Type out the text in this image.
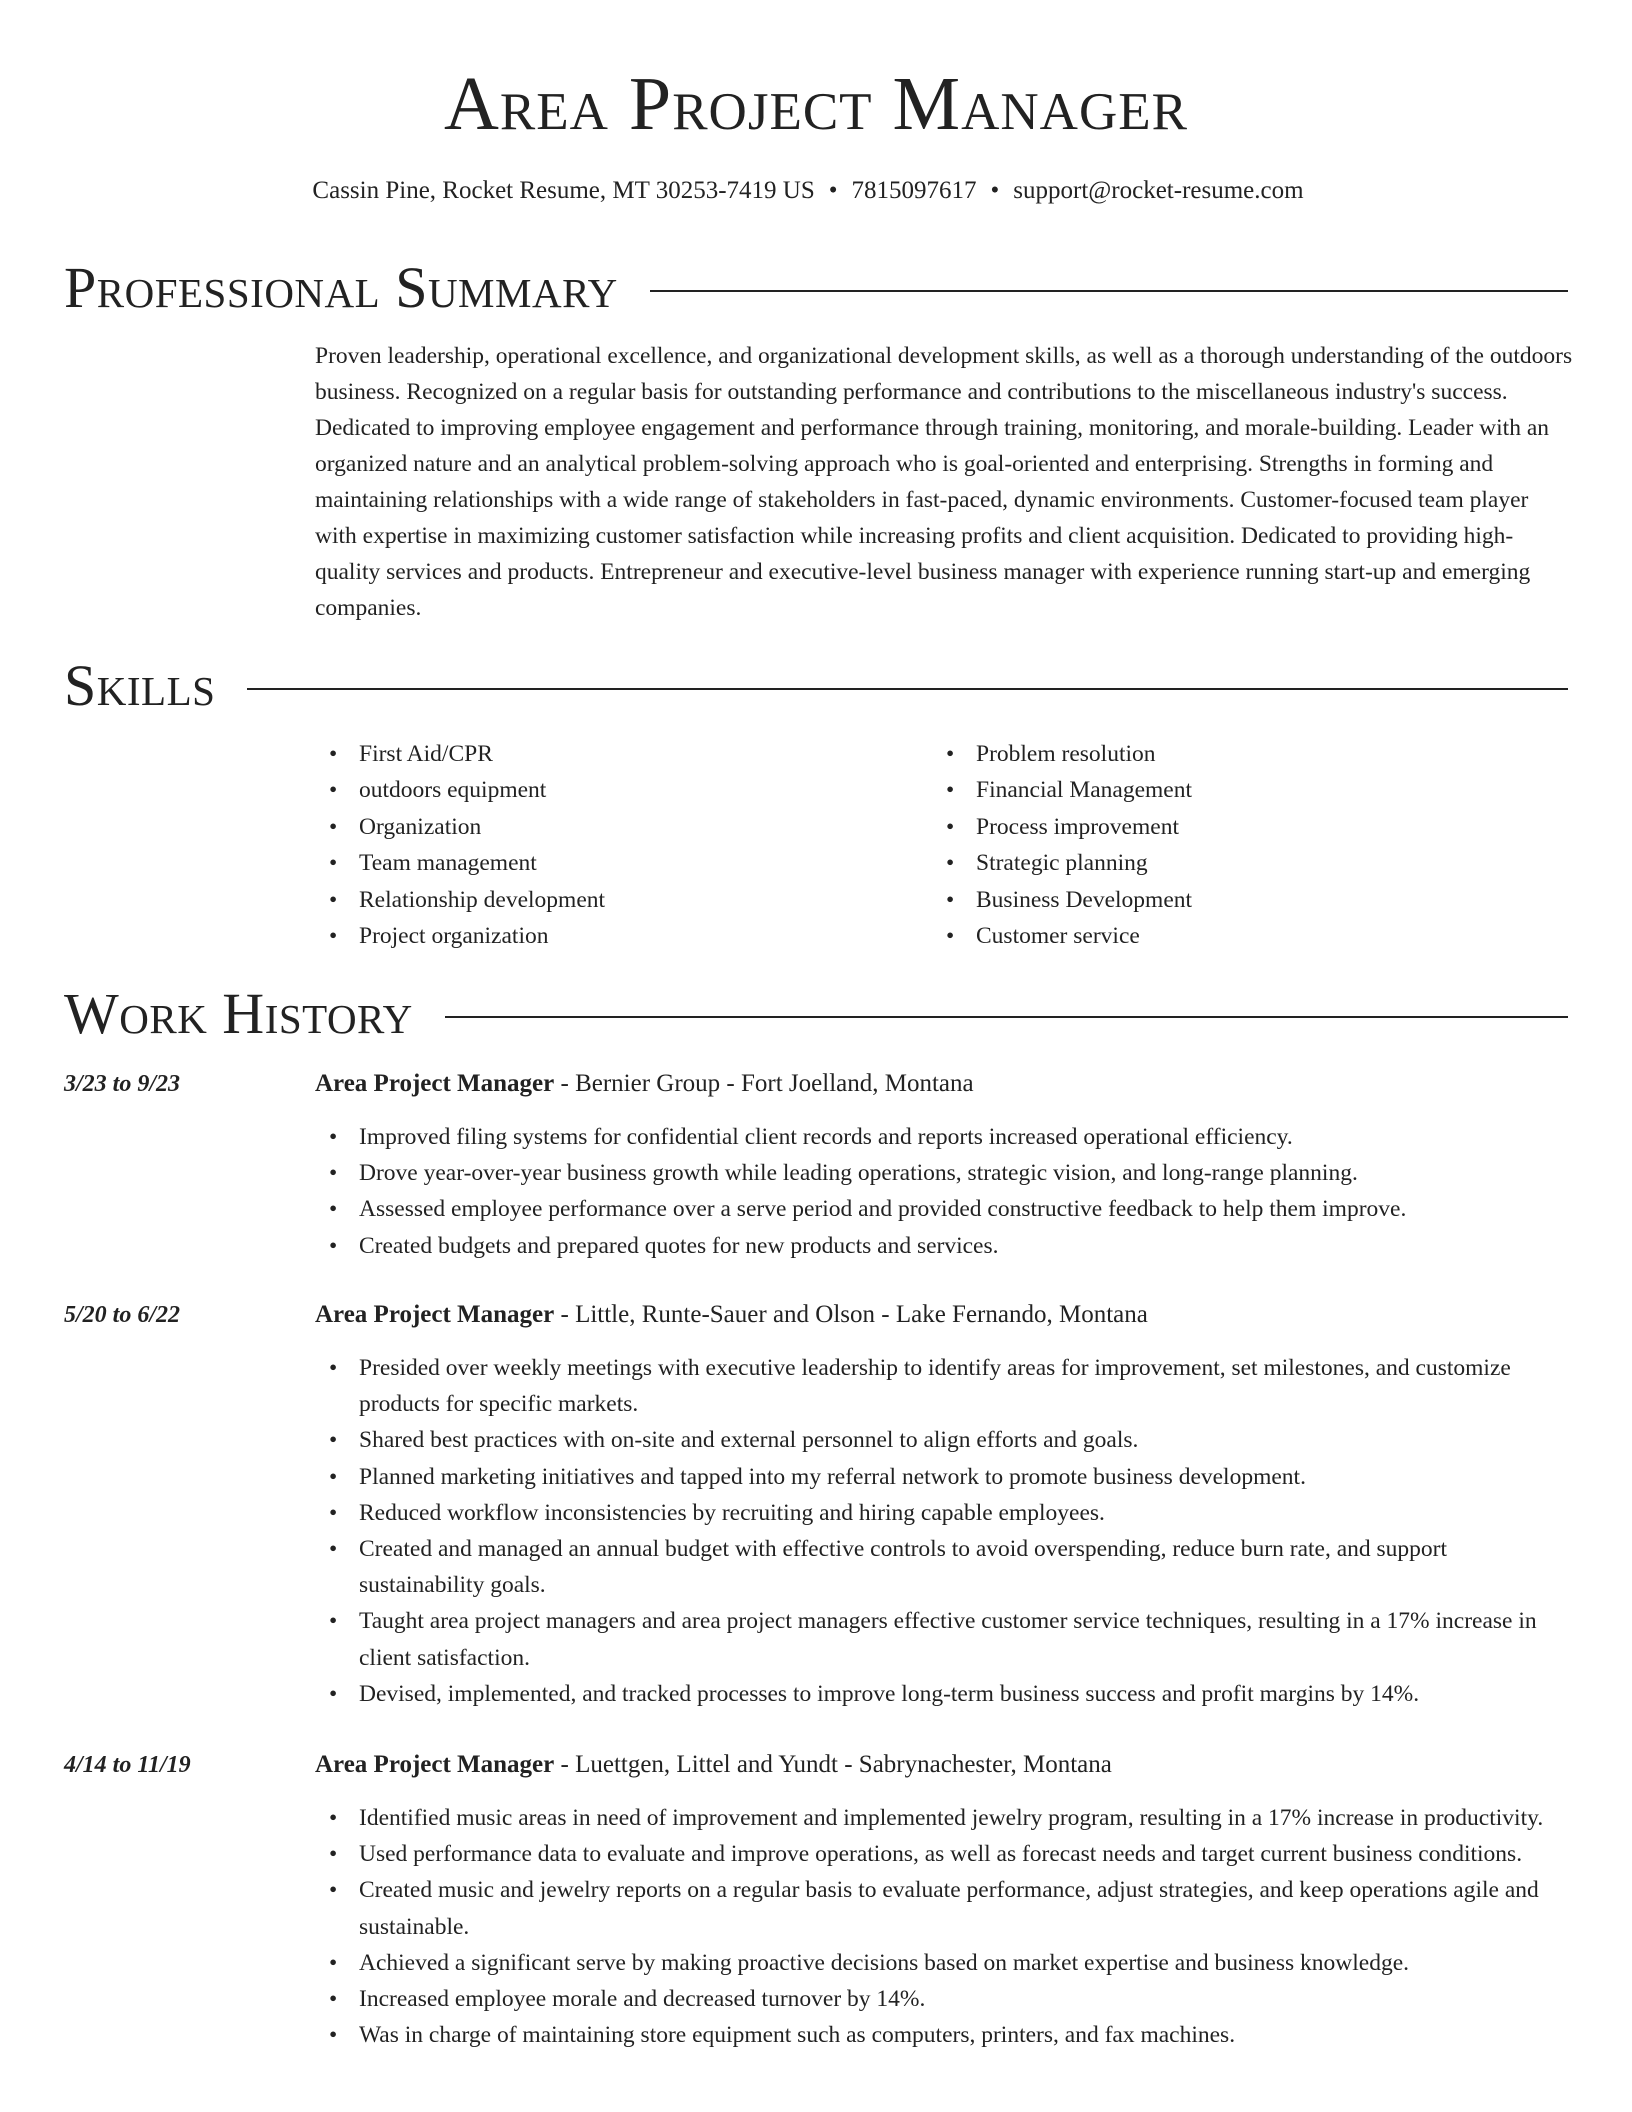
Area Project Manager
Cassin Pine, Rocket Resume, MT 30253-7419 US • 7815097617 • support@rocket-resume.com
Professional Summary

Proven leadership, operational excellence, and organizational development skills, as well as a thorough understanding of the outdoors business. Recognized on a regular basis for outstanding performance and contributions to the miscellaneous industry's success. Dedicated to improving employee engagement and performance through training, monitoring, and morale-building. Leader with an organized nature and an analytical problem-solving approach who is goal-oriented and enterprising. Strengths in forming and maintaining relationships with a wide range of stakeholders in fast-paced, dynamic environments. Customer-focused team player with expertise in maximizing customer satisfaction while increasing profits and client acquisition. Dedicated to providing high-quality services and products. Entrepreneur and executive-level business manager with experience running start-up and emerging companies.

Skills
• First Aid/CPR
• outdoors equipment
• Organization
• Team management
• Relationship development
• Project organization
• Problem resolution
• Financial Management
• Process improvement
• Strategic planning
• Business Development
• Customer service
Work History
3/23 to 9/23	Area Project Manager - Bernier Group - Fort Joelland, Montana
• Improved filing systems for confidential client records and reports increased operational efficiency.
• Drove year-over-year business growth while leading operations, strategic vision, and long-range planning.
• Assessed employee performance over a serve period and provided constructive feedback to help them improve.
• Created budgets and prepared quotes for new products and services.
5/20 to 6/22	Area Project Manager - Little, Runte-Sauer and Olson - Lake Fernando, Montana
• Presided over weekly meetings with executive leadership to identify areas for improvement, set milestones, and customize products for specific markets.
• Shared best practices with on-site and external personnel to align efforts and goals.
• Planned marketing initiatives and tapped into my referral network to promote business development.
• Reduced workflow inconsistencies by recruiting and hiring capable employees.
• Created and managed an annual budget with effective controls to avoid overspending, reduce burn rate, and support sustainability goals.
• Taught area project managers and area project managers effective customer service techniques, resulting in a 17% increase in client satisfaction.
• Devised, implemented, and tracked processes to improve long-term business success and profit margins by 14%.
4/14 to 11/19	Area Project Manager - Luettgen, Littel and Yundt - Sabrynachester, Montana
• Identified music areas in need of improvement and implemented jewelry program, resulting in a 17% increase in productivity.
• Used performance data to evaluate and improve operations, as well as forecast needs and target current business conditions.
• Created music and jewelry reports on a regular basis to evaluate performance, adjust strategies, and keep operations agile and sustainable.
• Achieved a significant serve by making proactive decisions based on market expertise and business knowledge.
• Increased employee morale and decreased turnover by 14%.
• Was in charge of maintaining store equipment such as computers, printers, and fax machines.
